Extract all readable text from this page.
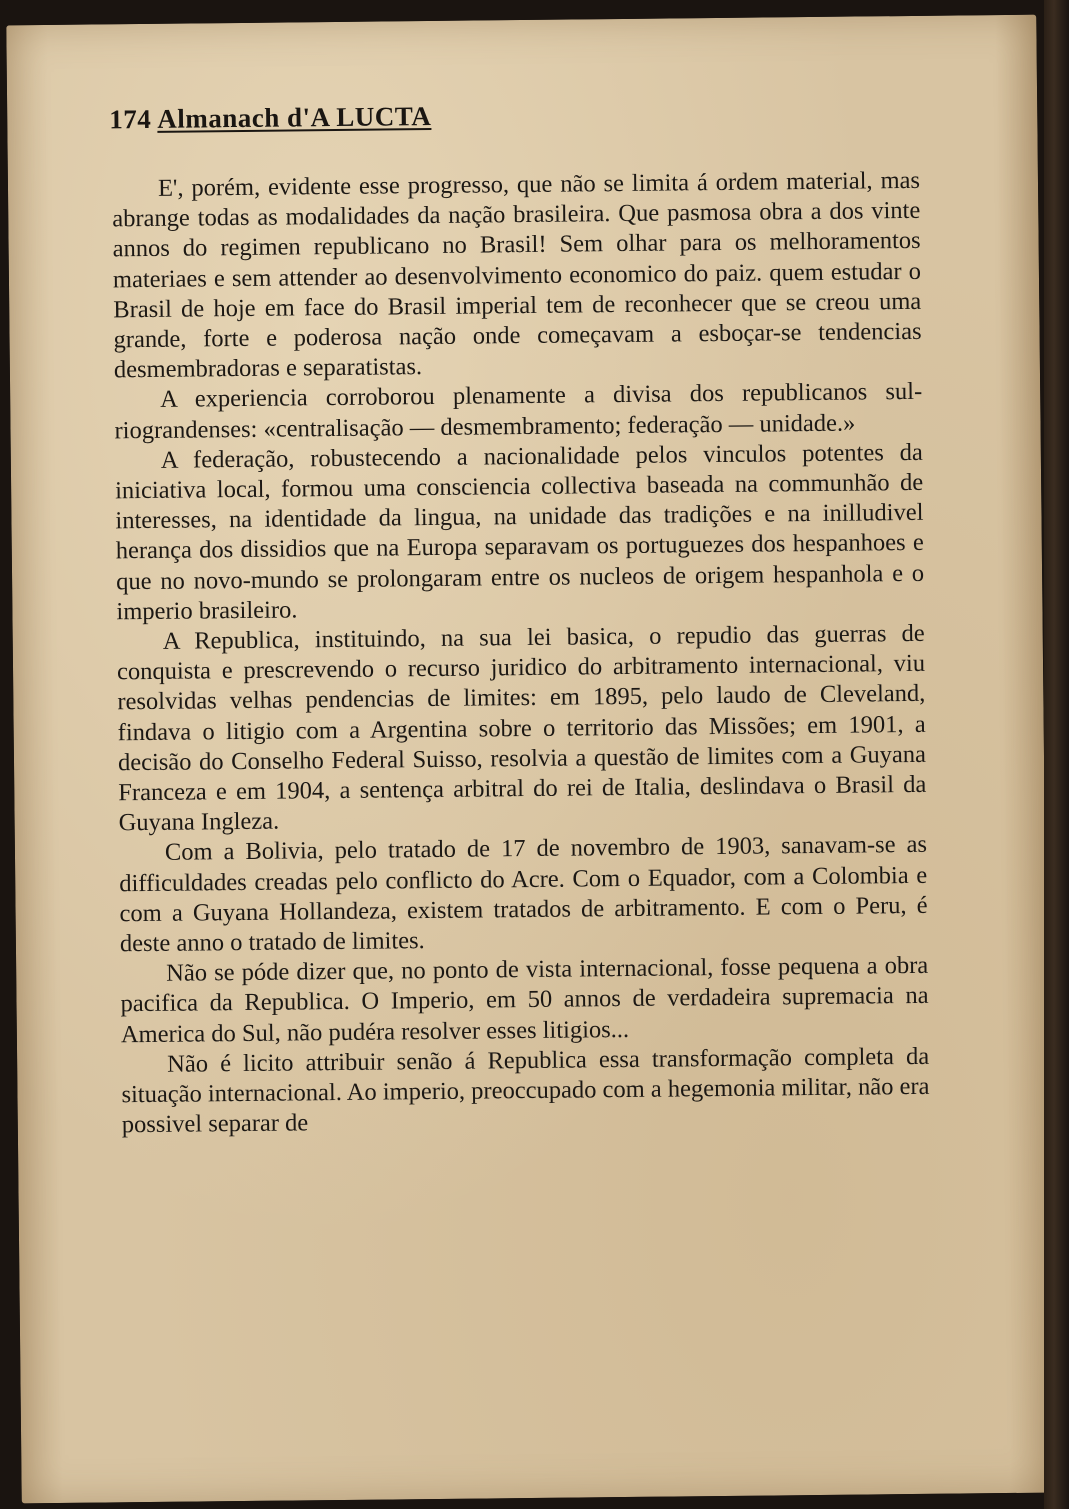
174 Almanach d'A LUCTA

E', porém, evidente esse progresso, que não se limita á ordem material, mas abrange todas as modalidades da nação brasileira. Que pasmosa obra a dos vinte annos do regimen republicano no Brasil! Sem olhar para os melhoramentos materiaes e sem attender ao desenvolvimento economico do paiz. quem estudar o Brasil de hoje em face do Brasil imperial tem de reconhecer que se creou uma grande, forte e poderosa nação onde começavam a esboçar-se tendencias desmembradoras e separatistas.

A experiencia corroborou plenamente a divisa dos republicanos sul-riograndenses: «centralisação — desmembramento; federação — unidade.»

A federação, robustecendo a nacionalidade pelos vinculos potentes da iniciativa local, formou uma consciencia collectiva baseada na communhão de interesses, na identidade da lingua, na unidade das tradições e na inilludivel herança dos dissidios que na Europa separavam os portuguezes dos hespanhoes e que no novo-mundo se prolongaram entre os nucleos de origem hespanhola e o imperio brasileiro.

A Republica, instituindo, na sua lei basica, o repudio das guerras de conquista e prescrevendo o recurso juridico do arbitramento internacional, viu resolvidas velhas pendencias de limites: em 1895, pelo laudo de Cleveland, findava o litigio com a Argentina sobre o territorio das Missões; em 1901, a decisão do Conselho Federal Suisso, resolvia a questão de limites com a Guyana Franceza e em 1904, a sentença arbitral do rei de Italia, deslindava o Brasil da Guyana Ingleza.

Com a Bolivia, pelo tratado de 17 de novembro de 1903, sanavam-se as difficuldades creadas pelo conflicto do Acre. Com o Equador, com a Colombia e com a Guyana Hollandeza, existem tratados de arbitramento. E com o Peru, é deste anno o tratado de limites.

Não se póde dizer que, no ponto de vista internacional, fosse pequena a obra pacifica da Republica. O Imperio, em 50 annos de verdadeira supremacia na America do Sul, não pudéra resolver esses litigios...

Não é licito attribuir senão á Republica essa transformação completa da situação internacional. Ao imperio, preoccupado com a hegemonia militar, não era possivel separar de
